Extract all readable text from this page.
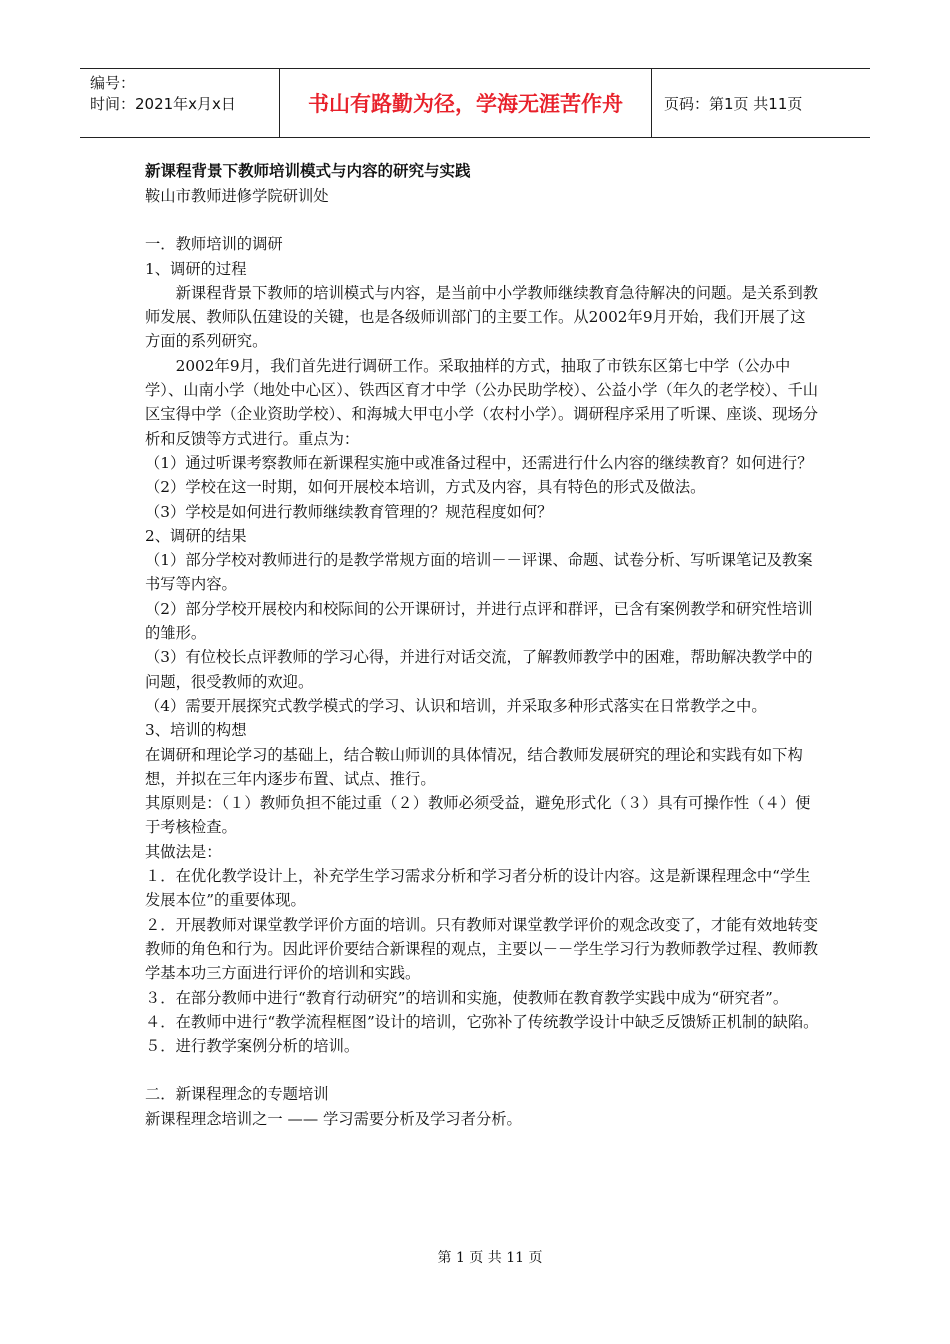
编号：
时间：2021年x月x日	书山有路勤为径，学海无涯苦作舟	页码：第1页 共11页

新课程背景下教师培训模式与内容的研究与实践

鞍山市教师进修学院研训处

一．教师培训的调研

1、调研的过程

新课程背景下教师的培训模式与内容，是当前中小学教师继续教育急待解决的问题。是关系到教师发展、教师队伍建设的关键，也是各级师训部门的主要工作。从2002年9月开始，我们开展了这方面的系列研究。

2002年9月，我们首先进行调研工作。采取抽样的方式，抽取了市铁东区第七中学（公办中学）、山南小学（地处中心区）、铁西区育才中学（公办民助学校）、公益小学（年久的老学校）、千山区宝得中学（企业资助学校）、和海城大甲屯小学（农村小学）。调研程序采用了听课、座谈、现场分析和反馈等方式进行。重点为：

（1）通过听课考察教师在新课程实施中或准备过程中，还需进行什么内容的继续教育？如何进行？

（2）学校在这一时期，如何开展校本培训，方式及内容，具有特色的形式及做法。

（3）学校是如何进行教师继续教育管理的？规范程度如何？

2、调研的结果

（1）部分学校对教师进行的是教学常规方面的培训－－评课、命题、试卷分析、写听课笔记及教案书写等内容。

（2）部分学校开展校内和校际间的公开课研讨，并进行点评和群评，已含有案例教学和研究性培训的雏形。

（3）有位校长点评教师的学习心得，并进行对话交流，了解教师教学中的困难，帮助解决教学中的问题，很受教师的欢迎。

（4）需要开展探究式教学模式的学习、认识和培训，并采取多种形式落实在日常教学之中。

3、培训的构想

在调研和理论学习的基础上，结合鞍山师训的具体情况，结合教师发展研究的理论和实践有如下构想，并拟在三年内逐步布置、试点、推行。

其原则是：（１）教师负担不能过重（２）教师必须受益，避免形式化（３）具有可操作性（４）便于考核检查。

其做法是：

１．在优化教学设计上，补充学生学习需求分析和学习者分析的设计内容。这是新课程理念中“学生发展本位”的重要体现。

２．开展教师对课堂教学评价方面的培训。只有教师对课堂教学评价的观念改变了，才能有效地转变教师的角色和行为。因此评价要结合新课程的观点，主要以－－学生学习行为教师教学过程、教师教学基本功三方面进行评价的培训和实践。

３．在部分教师中进行“教育行动研究”的培训和实施，使教师在教育教学实践中成为“研究者”。

４．在教师中进行“教学流程框图”设计的培训，它弥补了传统教学设计中缺乏反馈矫正机制的缺陷。

５．进行教学案例分析的培训。

二．新课程理念的专题培训

新课程理念培训之一 —— 学习需要分析及学习者分析。

第 1 页 共 11 页
